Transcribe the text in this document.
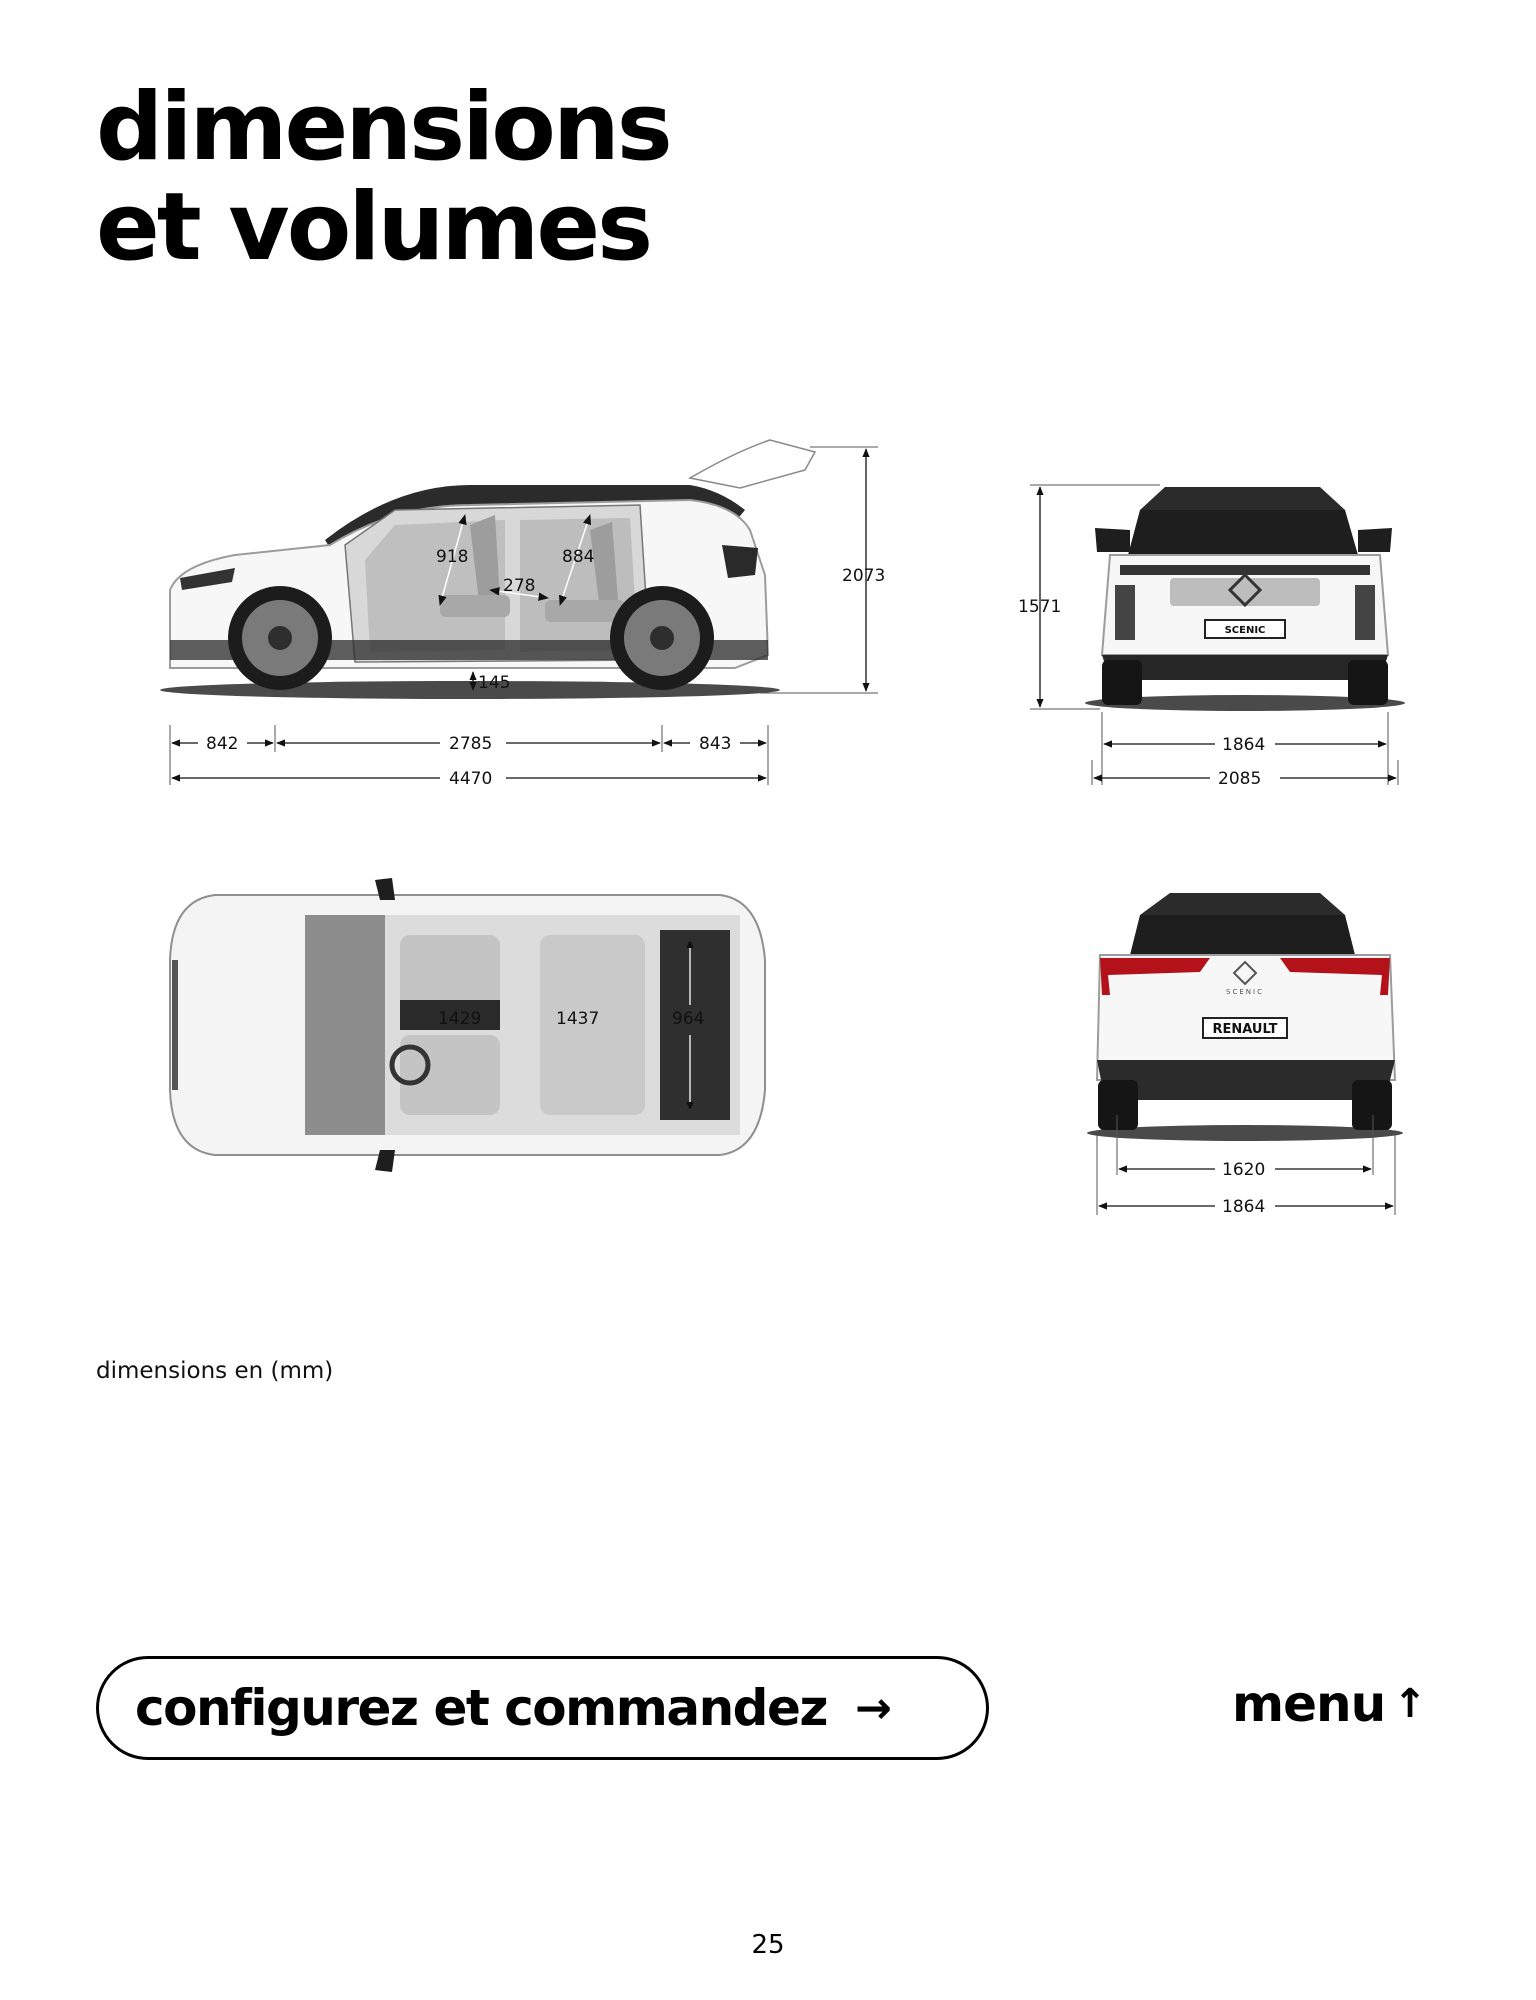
dimensions
et volumes
918	884
278
145
2073
842	2785	843
4470
SCENIC
1571
1864
2085
1429	1437	964
SCENIC
RENAULT
1620
1864
dimensions en (mm)
configurez et commandez →	menu ↑
25
